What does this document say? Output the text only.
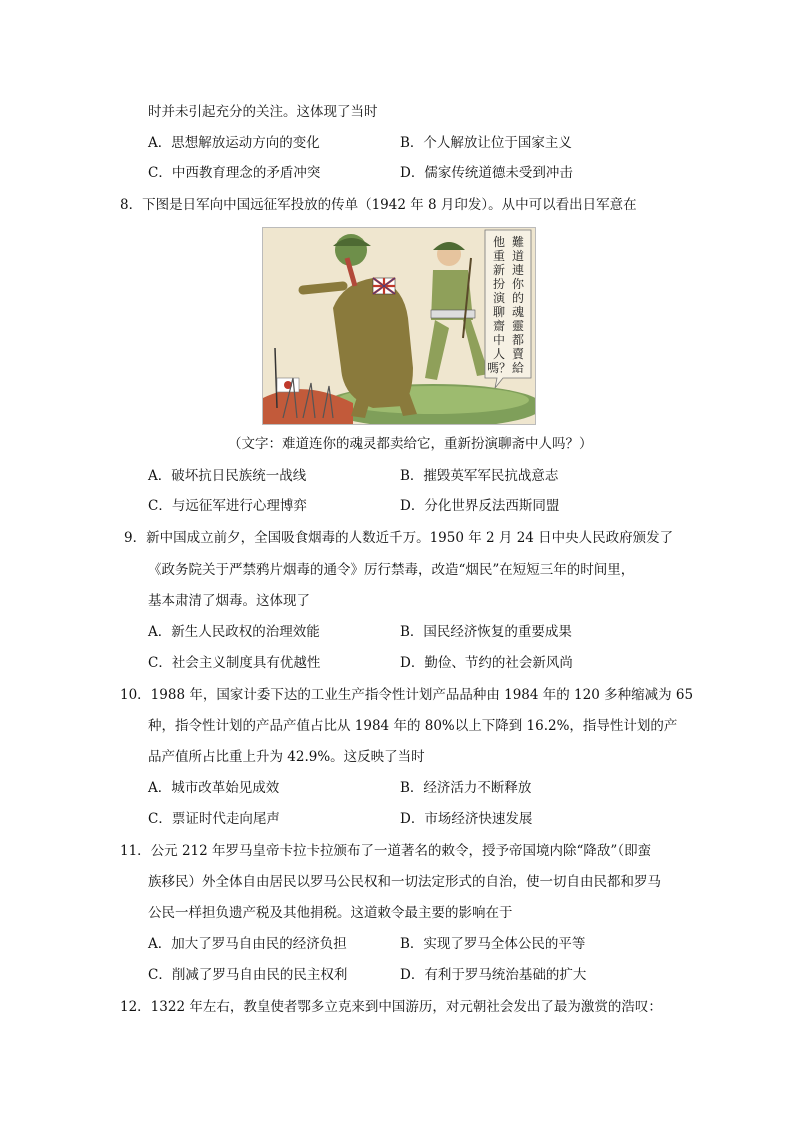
时并未引起充分的关注。这体现了当时
A．思想解放运动方向的变化	B．个人解放让位于国家主义
C．中西教育理念的矛盾冲突	D．儒家传统道德未受到冲击
8．下图是日军向中国远征军投放的传单（1942 年 8 月印发）。从中可以看出日军意在
難
道
連
你
的
魂
靈
都
賣
給
他
重
新
扮
演
聊
齋
中
人
嗎？
（文字：难道连你的魂灵都卖给它，重新扮演聊斋中人吗？）
A．破坏抗日民族统一战线	B．摧毁英军军民抗战意志
C．与远征军进行心理博弈	D．分化世界反法西斯同盟
9．新中国成立前夕，全国吸食烟毒的人数近千万。1950 年 2 月 24 日中央人民政府颁发了
《政务院关于严禁鸦片烟毒的通令》厉行禁毒，改造“烟民”在短短三年的时间里，
基本肃清了烟毒。这体现了
A．新生人民政权的治理效能	B．国民经济恢复的重要成果
C．社会主义制度具有优越性	D．勤俭、节约的社会新风尚
10．1988 年，国家计委下达的工业生产指令性计划产品品种由 1984 年的 120 多种缩减为 65
种，指令性计划的产品产值占比从 1984 年的 80%以上下降到 16.2%，指导性计划的产
品产值所占比重上升为 42.9%。这反映了当时
A．城市改革始见成效	B．经济活力不断释放
C．票证时代走向尾声	D．市场经济快速发展
11．公元 212 年罗马皇帝卡拉卡拉颁布了一道著名的敕令，授予帝国境内除“降敌”（即蛮
族移民）外全体自由居民以罗马公民权和一切法定形式的自治，使一切自由民都和罗马
公民一样担负遗产税及其他捐税。这道敕令最主要的影响在于
A．加大了罗马自由民的经济负担	B．实现了罗马全体公民的平等
C．削减了罗马自由民的民主权利	D．有利于罗马统治基础的扩大
12．1322 年左右，教皇使者鄂多立克来到中国游历，对元朝社会发出了最为激赏的浩叹：
